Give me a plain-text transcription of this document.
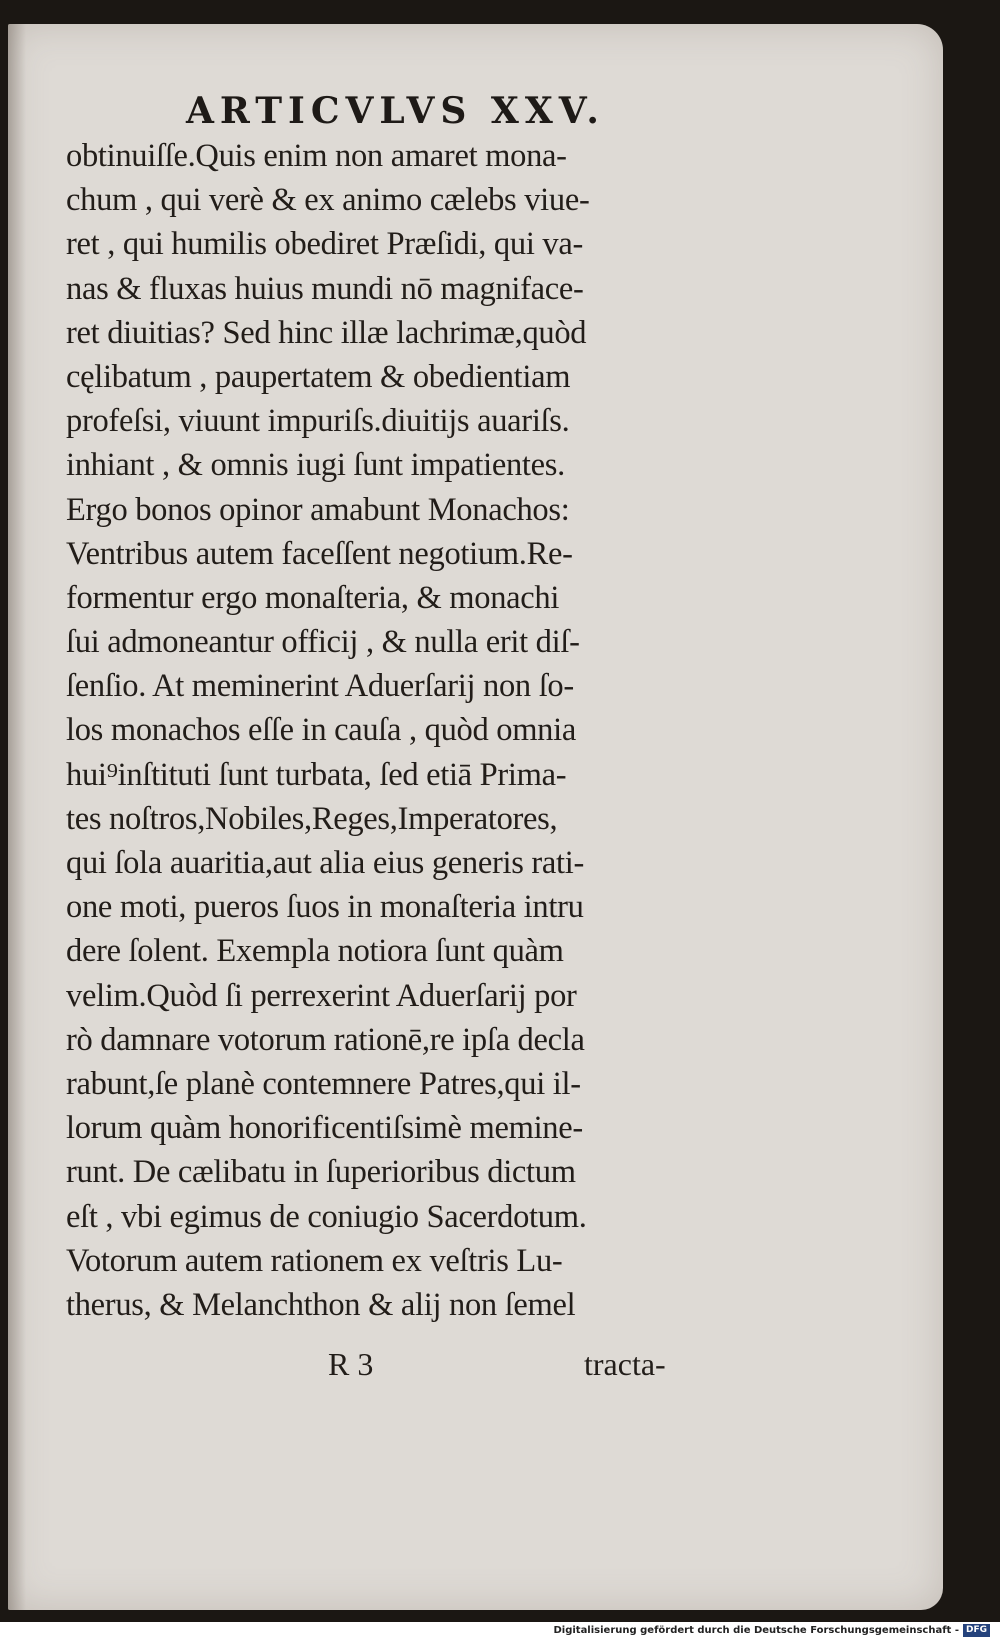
ARTICVLVS XXV.
obtinuiſſe.Quis enim non amaret mona-
chum , qui verè & ex animo cælebs viue-
ret , qui humilis obediret Præſidi, qui va-
nas & fluxas huius mundi nō magniface-
ret diuitias? Sed hinc illæ lachrimæ,quòd
cęlibatum , paupertatem & obedientiam
profeſsi, viuunt impuriſs.diuitijs auariſs.
inhiant , & omnis iugi ſunt impatientes.
Ergo bonos opinor amabunt Monachos:
Ventribus autem faceſſent negotium.Re-
formentur ergo monaſteria, & monachi
ſui admoneantur officij , & nulla erit diſ-
ſenſio. At meminerint Aduerſarij non ſo-
los monachos eſſe in cauſa , quòd omnia
hui⁹inſtituti ſunt turbata, ſed etiā Prima-
tes noſtros,Nobiles,Reges,Imperatores,
qui ſola auaritia,aut alia eius generis rati-
one moti, pueros ſuos in monaſteria intru
dere ſolent. Exempla notiora ſunt quàm
velim.Quòd ſi perrexerint Aduerſarij por
rò damnare votorum rationē,re ipſa decla
rabunt,ſe planè contemnere Patres,qui il-
lorum quàm honorificentiſsimè memine-
runt. De cælibatu in ſuperioribus dictum
eſt , vbi egimus de coniugio Sacerdotum.
Votorum autem rationem ex veſtris Lu-
therus, & Melanchthon & alij non ſemel
R 3	tracta-
Digitalisierung gefördert durch die Deutsche Forschungsgemeinschaft - DFG
